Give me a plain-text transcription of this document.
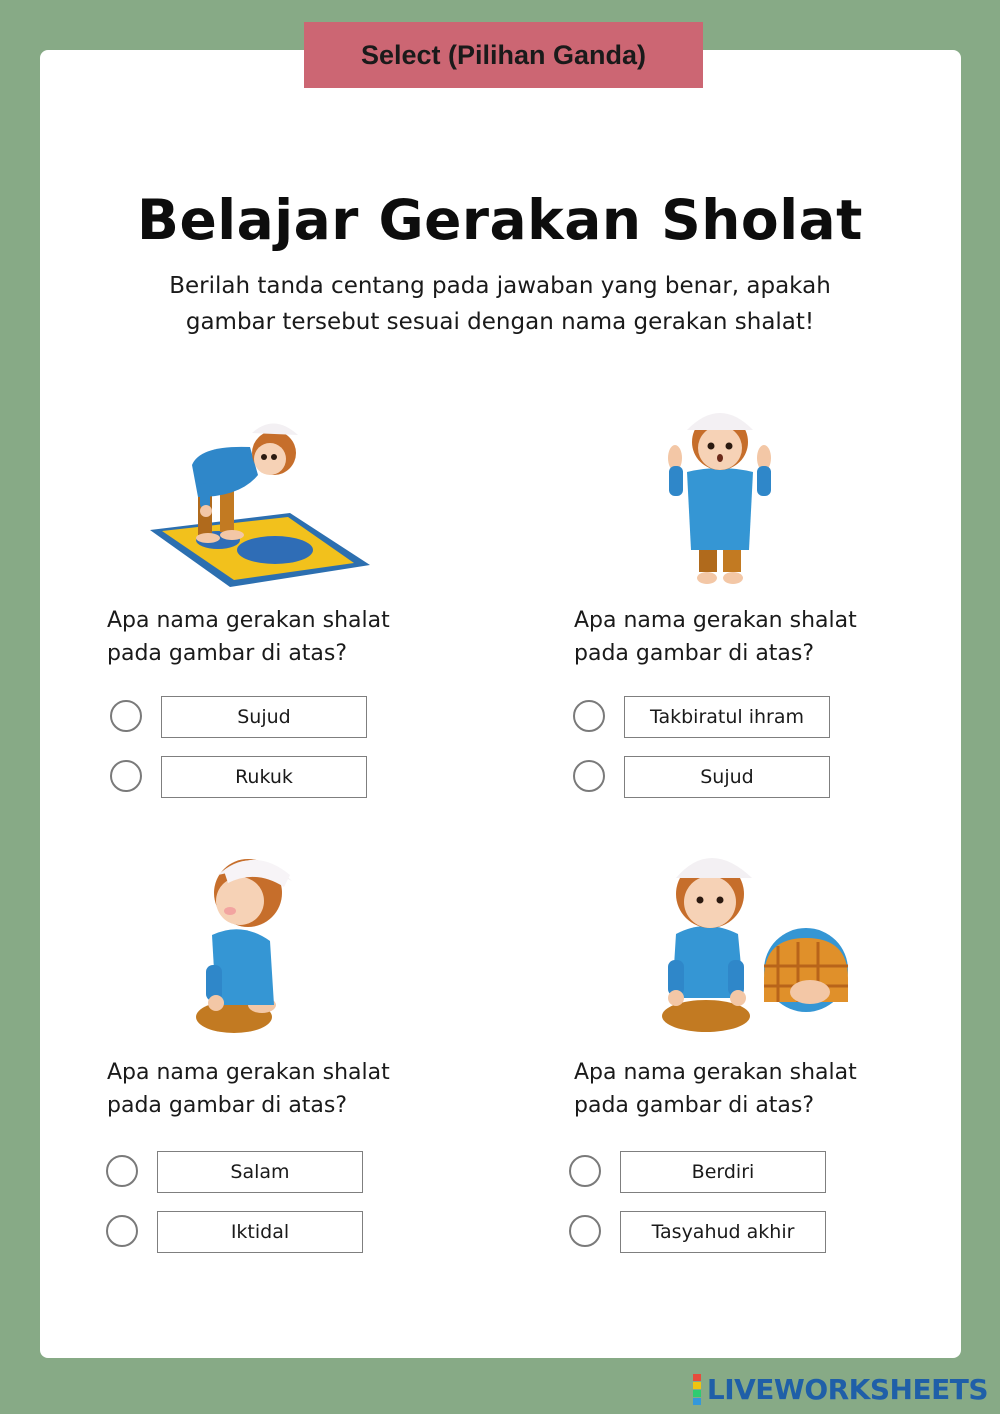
Select (Pilihan Ganda)
Belajar Gerakan Sholat
Berilah tanda centang pada jawaban yang benar, apakah
gambar tersebut sesuai dengan nama gerakan shalat!
Apa nama gerakan shalat
pada gambar di atas?
Sujud
Rukuk
Apa nama gerakan shalat
pada gambar di atas?
Takbiratul ihram
Sujud
Apa nama gerakan shalat
pada gambar di atas?
Salam
Iktidal
Apa nama gerakan shalat
pada gambar di atas?
Berdiri
Tasyahud akhir
LIVEWORKSHEETS
